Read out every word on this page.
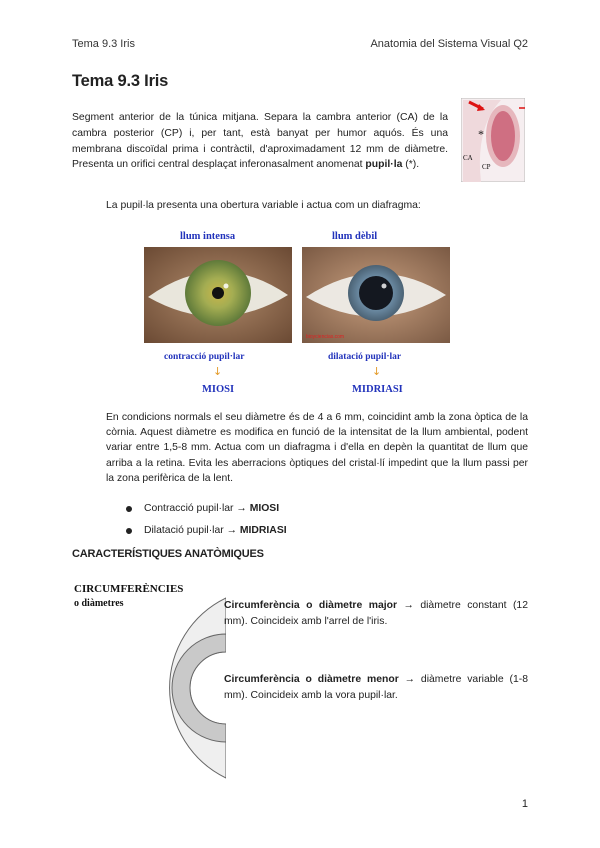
Tema 9.3 Iris	Anatomia del Sistema Visual Q2
Tema 9.3 Iris

Segment anterior de la túnica mitjana. Separa la cambra anterior (CA) de la cambra posterior (CP) i, per tant, està banyat per humor aquós. És una membrana discoïdal prima i contràctil, d'aproximadament 12 mm de diàmetre. Presenta un orifici central desplaçat inferonasalment anomenat pupil·la (*).

*
CA
CP

La pupil·la presenta una obertura variable i actua com un diafragma:

llum intensa	llum dèbil
bioyciencias.com
contracció pupil·lar	dilatació pupil·lar
↓	↓
MIOSI	MIDRIASI

En condicions normals el seu diàmetre és de 4 a 6 mm, coincidint amb la zona òptica de la còrnia. Aquest diàmetre es modifica en funció de la intensitat de la llum ambiental, podent variar entre 1,5-8 mm. Actua com un diafragma i d'ella en depèn la quantitat de llum que arriba a la retina. Evita les aberracions òptiques del cristal·lí impedint que la llum passi per la zona perifèrica de la lent.

Contracció pupil·lar → MIOSI
Dilatació pupil·lar → MIDRIASI
CARACTERÍSTIQUES ANATÒMIQUES
CIRCUMFERÈNCIES
o diàmetres	Circumferència o diàmetre major → diàmetre constant (12 mm). Coincideix amb l'arrel de l'iris.

Circumferència o diàmetre menor → diàmetre variable (1-8 mm). Coincideix amb la vora pupil·lar.

1
